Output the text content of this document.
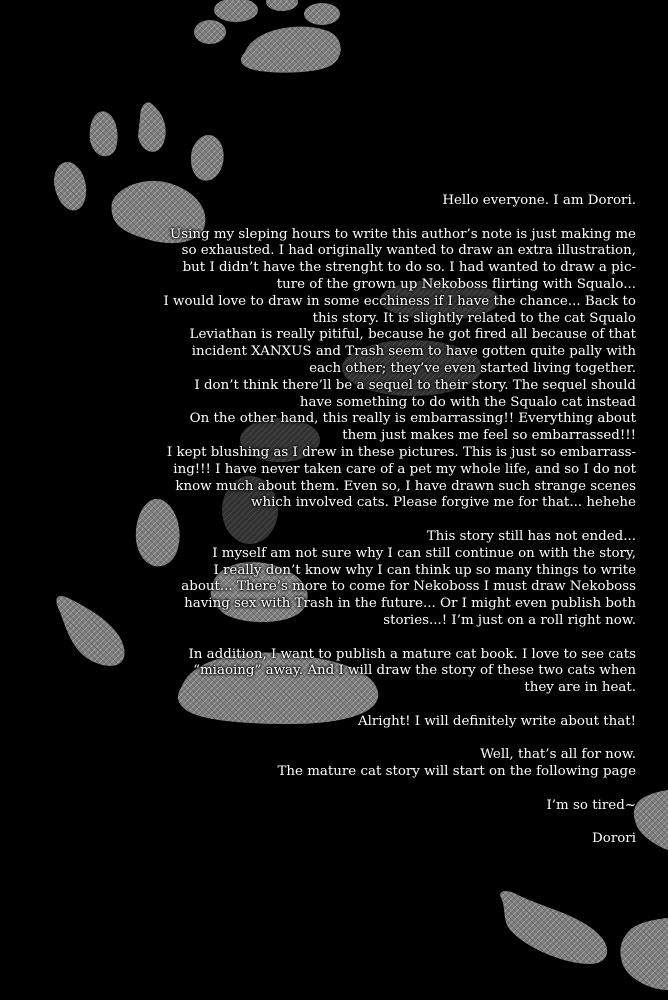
Hello everyone. I am Dorori.
Using my sleping hours to write this author’s note is just making me
so exhausted. I had originally wanted to draw an extra illustration,
but I didn’t have the strenght to do so. I had wanted to draw a pic-
ture of the grown up Nekoboss flirting with Squalo...
I would love to draw in some ecchiness if I have the chance... Back to
this story. It is slightly related to the cat Squalo
Leviathan is really pitiful, because he got fired all because of that
incident XANXUS and Trash seem to have gotten quite pally with
each other; they’ve even started living together.
I don’t think there’ll be a sequel to their story. The sequel should
have something to do with the Squalo cat instead
On the other hand, this really is embarrassing!! Everything about
them just makes me feel so embarrassed!!!
I kept blushing as I drew in these pictures. This is just so embarrass-
ing!!! I have never taken care of a pet my whole life, and so I do not
know much about them. Even so, I have drawn such strange scenes
which involved cats. Please forgive me for that... hehehe
This story still has not ended...
I myself am not sure why I can still continue on with the story,
I really don’t know why I can think up so many things to write
about... There’s more to come for Nekoboss I must draw Nekoboss
having sex with Trash in the future... Or I might even publish both
stories...! I’m just on a roll right now.
In addition, I want to publish a mature cat book. I love to see cats
“miaoing” away. And I will draw the story of these two cats when
they are in heat.
Alright! I will definitely write about that!
Well, that’s all for now.
The mature cat story will start on the following page
I’m so tired~
Dorori
